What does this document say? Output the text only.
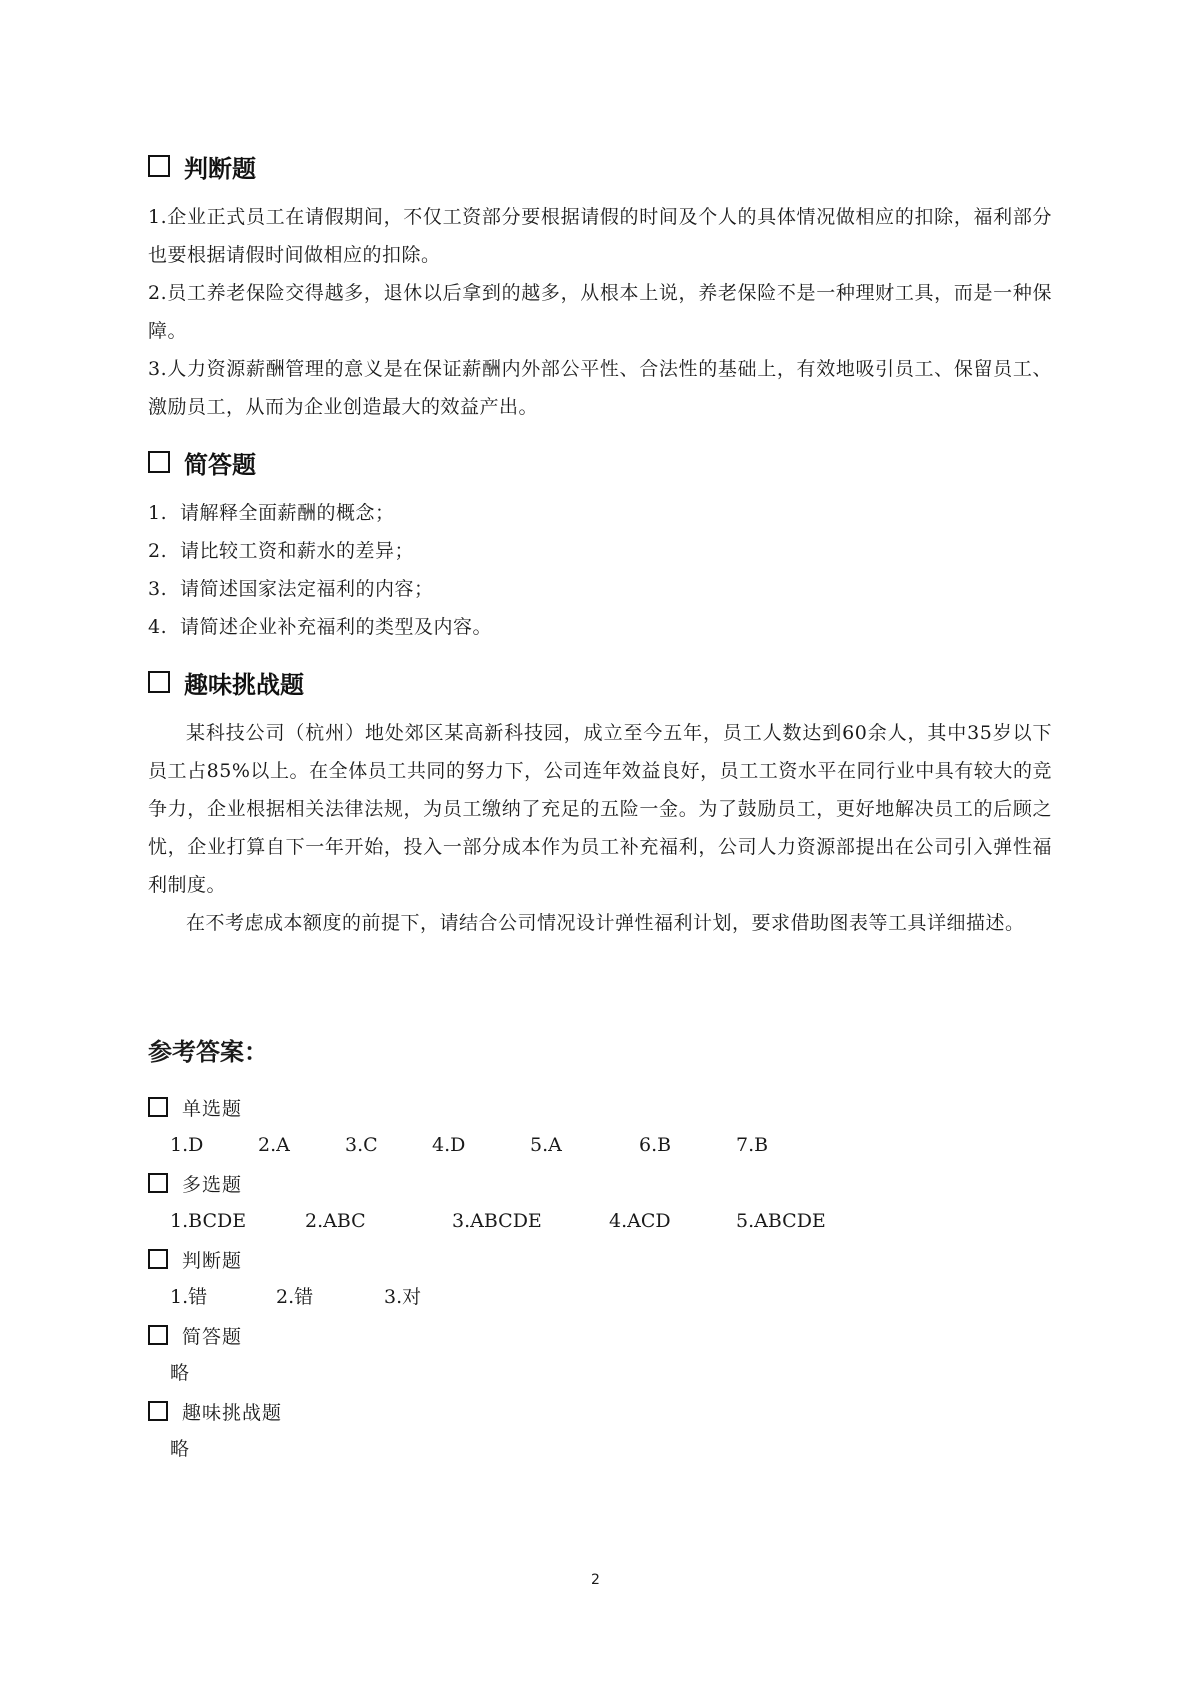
判断题
1.企业正式员工在请假期间，不仅工资部分要根据请假的时间及个人的具体情况做相应的扣除，福利部分也要根据请假时间做相应的扣除。
2.员工养老保险交得越多，退休以后拿到的越多，从根本上说，养老保险不是一种理财工具，而是一种保障。
3.人力资源薪酬管理的意义是在保证薪酬内外部公平性、合法性的基础上，有效地吸引员工、保留员工、激励员工，从而为企业创造最大的效益产出。
简答题
1. 请解释全面薪酬的概念；
2. 请比较工资和薪水的差异；
3. 请简述国家法定福利的内容；
4. 请简述企业补充福利的类型及内容。
趣味挑战题
某科技公司（杭州）地处郊区某高新科技园，成立至今五年，员工人数达到60余人，其中35岁以下员工占85%以上。在全体员工共同的努力下，公司连年效益良好，员工工资水平在同行业中具有较大的竞争力，企业根据相关法律法规，为员工缴纳了充足的五险一金。为了鼓励员工，更好地解决员工的后顾之忧，企业打算自下一年开始，投入一部分成本作为员工补充福利，公司人力资源部提出在公司引入弹性福利制度。
在不考虑成本额度的前提下，请结合公司情况设计弹性福利计划，要求借助图表等工具详细描述。
参考答案：
单选题
1.D	2.A	3.C	4.D	5.A	6.B	7.B
多选题
1.BCDE	2.ABC	3.ABCDE	4.ACD	5.ABCDE
判断题
1.错	2.错	3.对
简答题
略
趣味挑战题
略
2
